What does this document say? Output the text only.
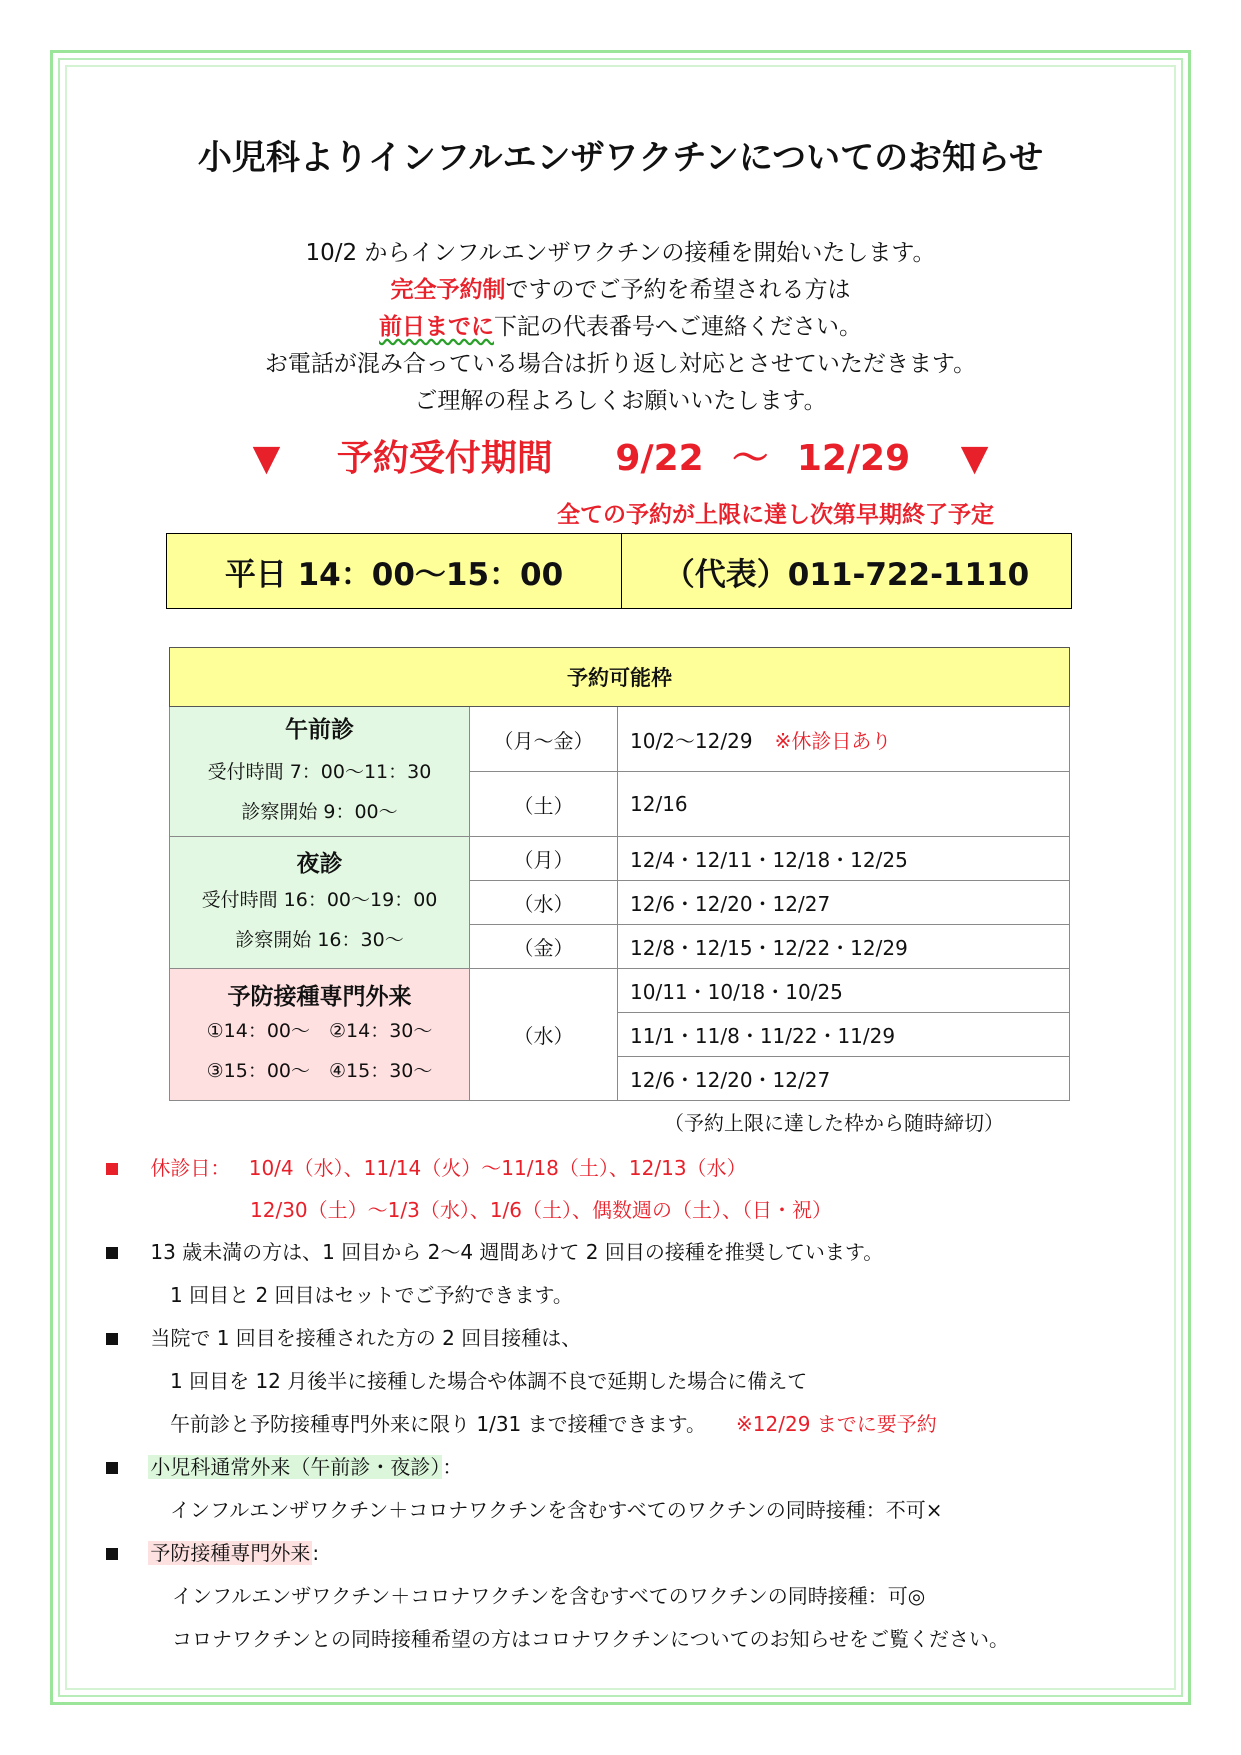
小児科よりインフルエンザワクチンについてのお知らせ
10/2 からインフルエンザワクチンの接種を開始いたします。
完全予約制ですのでご予約を希望される方は
前日までに下記の代表番号へご連絡ください。
お電話が混み合っている場合は折り返し対応とさせていただきます。
ご理解の程よろしくお願いいたします。
▼ 予約受付期間 9/22 ～ 12/29 ▼
全ての予約が上限に達し次第早期終了予定
平日 14：00～15：00	（代表）011-722-1110
予約可能枠		

午前診
受付時間 7：00～11：30
診察開始 9：00～	（月～金）	10/2～12/29 ※休診日あり
	（土）	12/16

夜診
受付時間 16：00～19：00
診察開始 16：30～	（月）	12/4・12/11・12/18・12/25
	（水）	12/6・12/20・12/27
	（金）	12/8・12/15・12/22・12/29

予防接種専門外来
①14：00～　②14：30～
③15：00～　④15：30～	（水）	10/11・10/18・10/25
		11/1・11/8・11/22・11/29
		12/6・12/20・12/27
（予約上限に達した枠から随時締切）
休診日： 10/4（水）、11/14（火）～11/18（土）、12/13（水）
12/30（土）～1/3（水）、1/6（土）、偶数週の（土）、（日・祝）
13 歳未満の方は、1 回目から 2～4 週間あけて 2 回目の接種を推奨しています。
1 回目と 2 回目はセットでご予約できます。
当院で 1 回目を接種された方の 2 回目接種は、
1 回目を 12 月後半に接種した場合や体調不良で延期した場合に備えて
午前診と予防接種専門外来に限り 1/31 まで接種できます。 ※12/29 までに要予約
小児科通常外来（午前診・夜診） ：
インフルエンザワクチン＋コロナワクチンを含むすべてのワクチンの同時接種：不可×
予防接種専門外来 :
インフルエンザワクチン＋コロナワクチンを含むすべてのワクチンの同時接種：可◎
コロナワクチンとの同時接種希望の方はコロナワクチンについてのお知らせをご覧ください。
